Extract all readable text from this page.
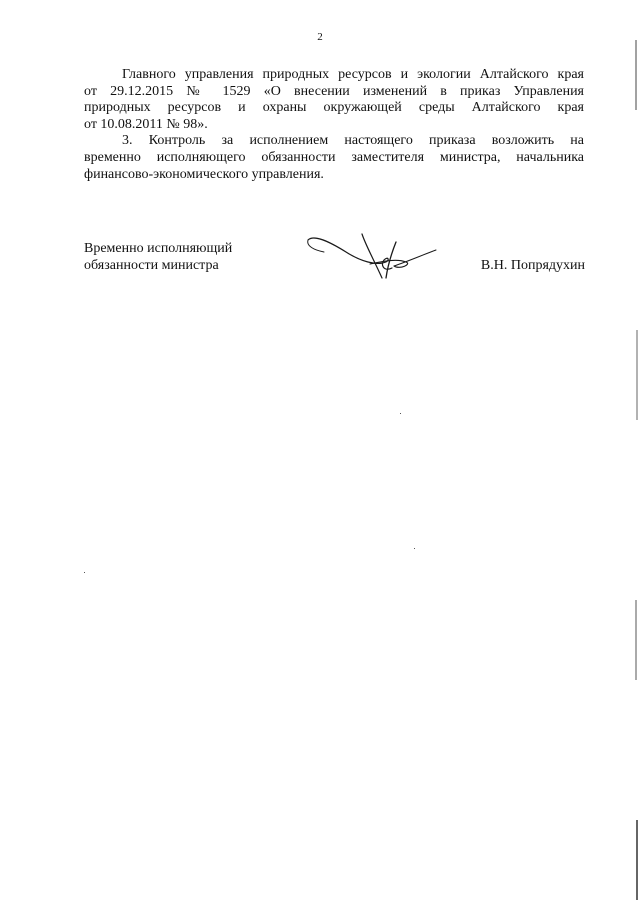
2

Главного управления природных ресурсов и экологии Алтайского края
от 29.12.2015 № 1529 «О внесении изменений в приказ Управления
природных ресурсов и охраны окружающей среды Алтайского края
от 10.08.2011 № 98».

3. Контроль за исполнением настоящего приказа возложить на
временно исполняющего обязанности заместителя министра, начальника
финансово-экономического управления.

Временно исполняющий
обязанности министра	В.Н. Попрядухин
